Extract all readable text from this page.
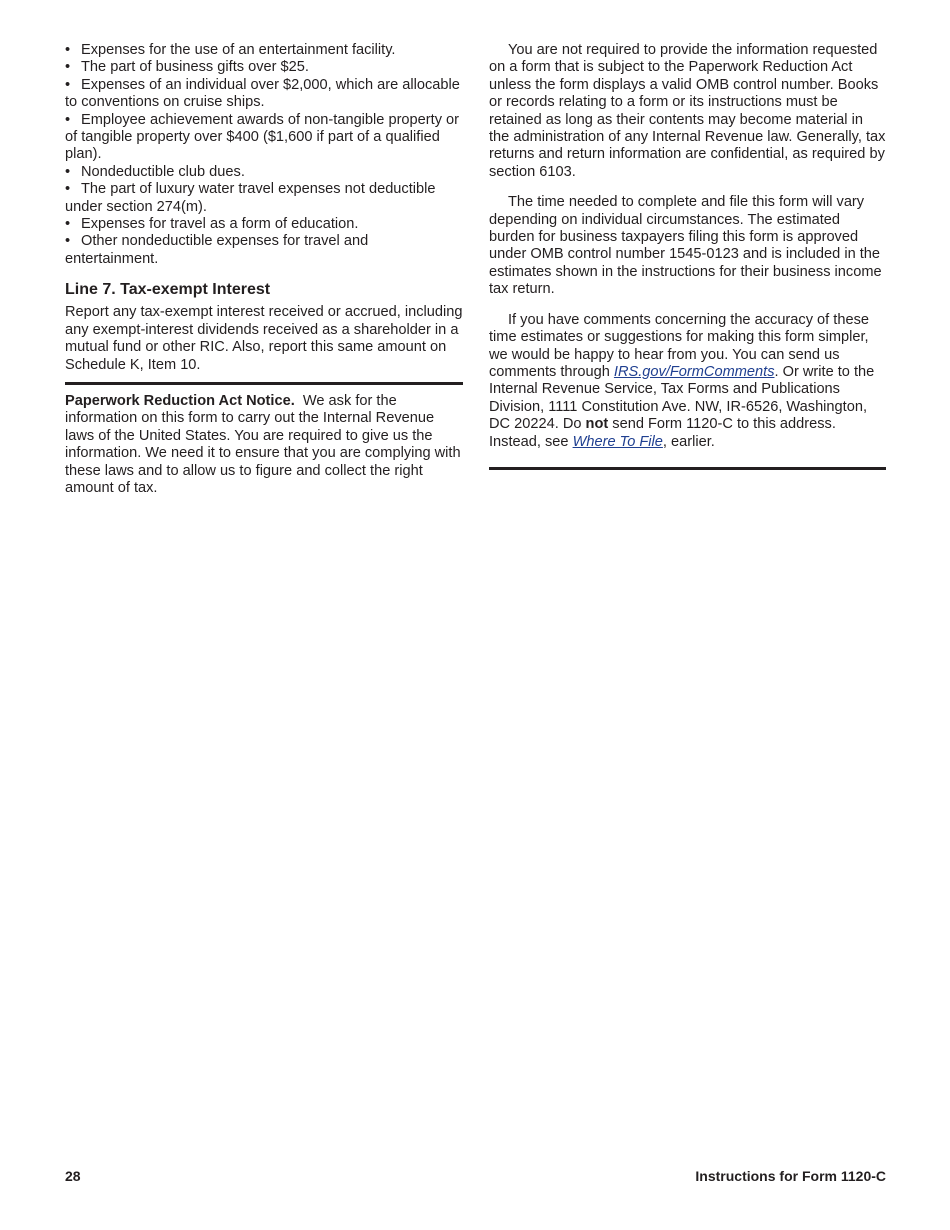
• Expenses for the use of an entertainment facility.
• The part of business gifts over $25.
• Expenses of an individual over $2,000, which are allocable to conventions on cruise ships.
• Employee achievement awards of non-tangible property or of tangible property over $400 ($1,600 if part of a qualified plan).
• Nondeductible club dues.
• The part of luxury water travel expenses not deductible under section 274(m).
• Expenses for travel as a form of education.
• Other nondeductible expenses for travel and entertainment.
Line 7. Tax-exempt Interest

Report any tax-exempt interest received or accrued, including any exempt-interest dividends received as a shareholder in a mutual fund or other RIC. Also, report this same amount on Schedule K, Item 10.

Paperwork Reduction Act Notice. We ask for the information on this form to carry out the Internal Revenue laws of the United States. You are required to give us the information. We need it to ensure that you are complying with these laws and to allow us to figure and collect the right amount of tax.

You are not required to provide the information requested on a form that is subject to the Paperwork Reduction Act unless the form displays a valid OMB control number. Books or records relating to a form or its instructions must be retained as long as their contents may become material in the administration of any Internal Revenue law. Generally, tax returns and return information are confidential, as required by section 6103.

The time needed to complete and file this form will vary depending on individual circumstances. The estimated burden for business taxpayers filing this form is approved under OMB control number 1545-0123 and is included in the estimates shown in the instructions for their business income tax return.

If you have comments concerning the accuracy of these time estimates or suggestions for making this form simpler, we would be happy to hear from you. You can send us comments through IRS.gov/FormComments. Or write to the Internal Revenue Service, Tax Forms and Publications Division, 1111 Constitution Ave. NW, IR-6526, Washington, DC 20224. Do not send Form 1120-C to this address. Instead, see Where To File, earlier.

28	Instructions for Form 1120-C
